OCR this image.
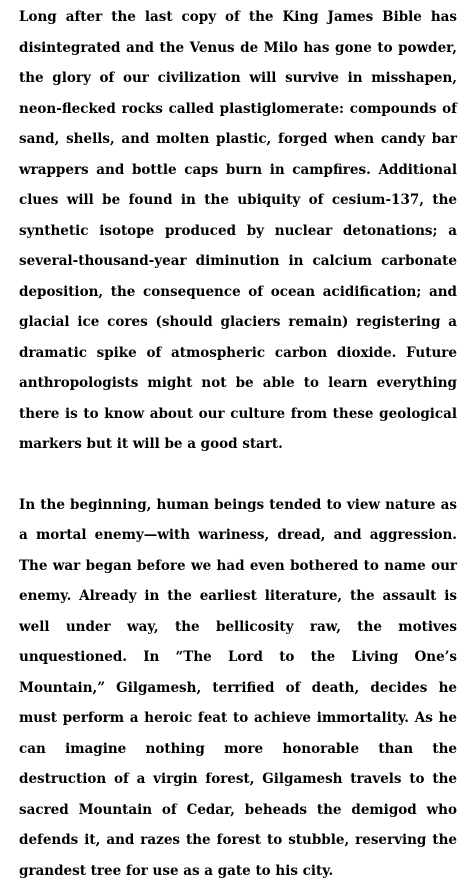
Long after the last copy of the King James Bible has disintegrated and the Venus de Milo has gone to powder, the glory of our civilization will survive in misshapen, neon-flecked rocks called plastiglomerate: compounds of sand, shells, and molten plastic, forged when candy bar wrappers and bottle caps burn in campfires. Additional clues will be found in the ubiquity of cesium-137, the synthetic isotope produced by nuclear detonations; a several-thousand-year diminution in calcium carbonate deposition, the consequence of ocean acidification; and glacial ice cores (should glaciers remain) registering a dramatic spike of atmospheric carbon dioxide. Future anthropologists might not be able to learn everything there is to know about our culture from these geological markers but it will be a good start.

In the beginning, human beings tended to view nature as a mortal enemy—with wariness, dread, and aggression. The war began before we had even bothered to name our enemy. Already in the earliest literature, the assault is well under way, the bellicosity raw, the motives unquestioned. In “The Lord to the Living One’s Mountain,” Gilgamesh, terrified of death, decides he must perform a heroic feat to achieve immortality. As he can imagine nothing more honorable than the destruction of a virgin forest, Gilgamesh travels to the sacred Mountain of Cedar, beheads the demigod who defends it, and razes the forest to stubble, reserving the grandest tree for use as a gate to his city.
